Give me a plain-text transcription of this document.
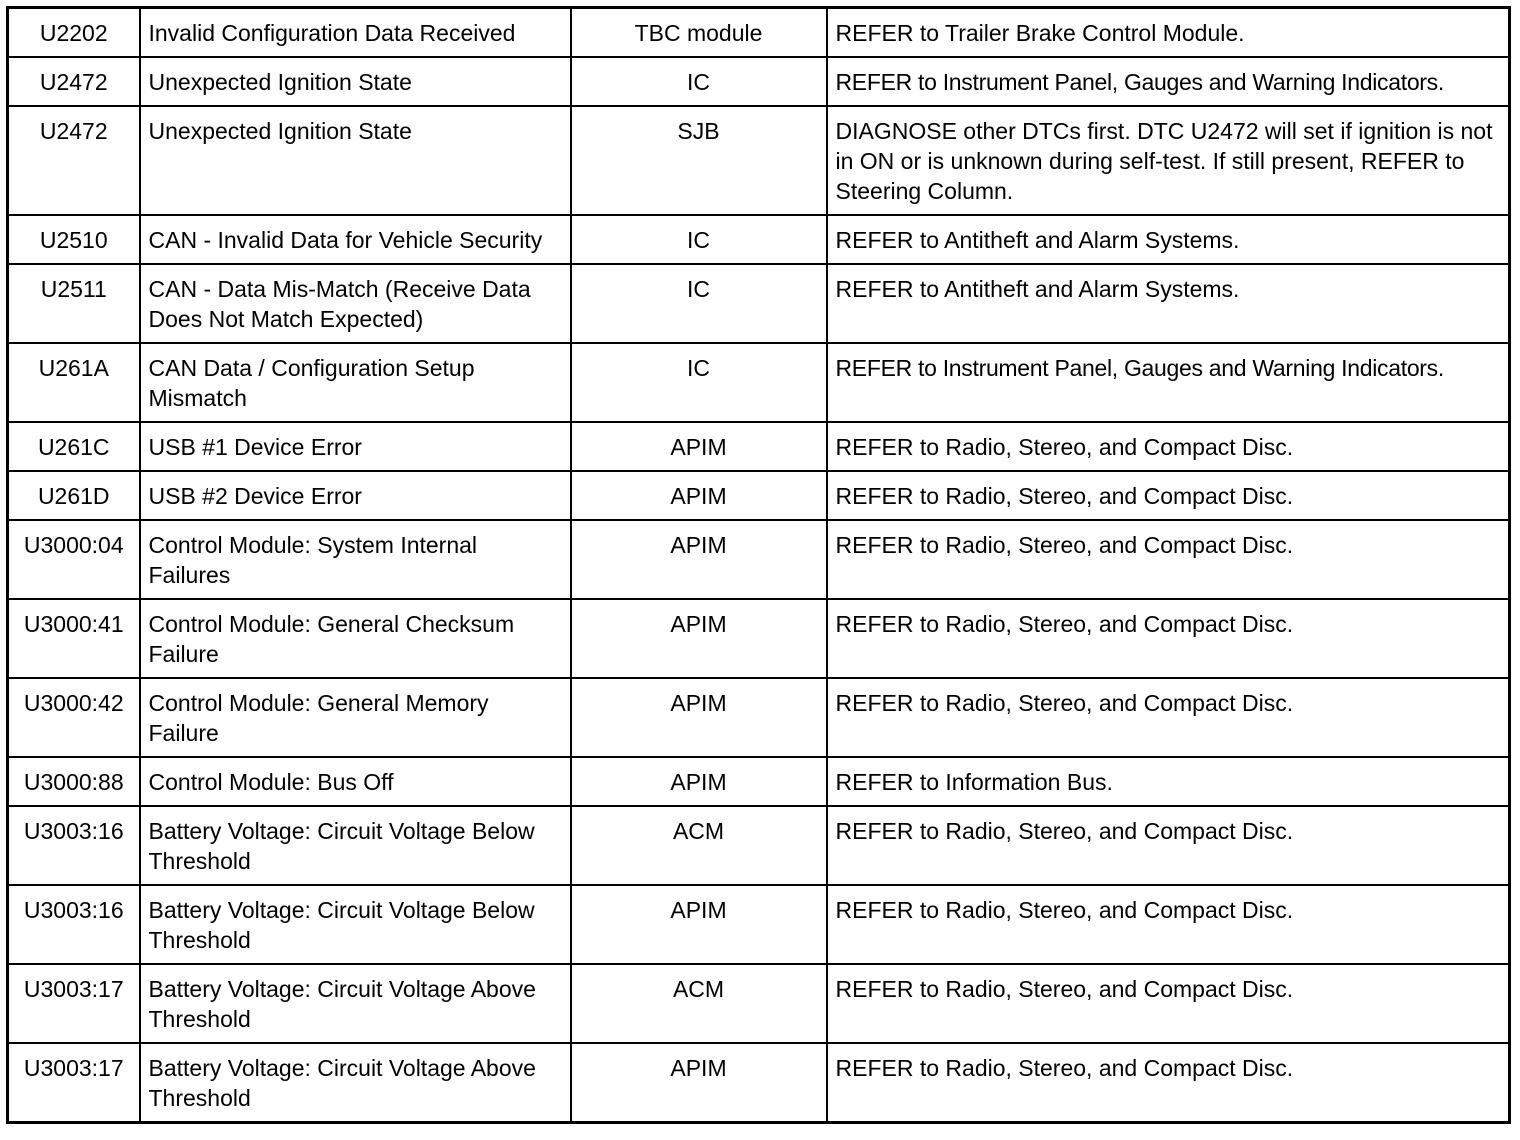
U2202	Invalid Configuration Data Received	TBC module	REFER to Trailer Brake Control Module.
U2472	Unexpected Ignition State	IC	REFER to Instrument Panel, Gauges and Warning Indicators.
U2472	Unexpected Ignition State	SJB	DIAGNOSE other DTCs first. DTC U2472 will set if ignition is not in ON or is unknown during self-test. If still present, REFER to Steering Column.
U2510	CAN - Invalid Data for Vehicle Security	IC	REFER to Antitheft and Alarm Systems.
U2511	CAN - Data Mis-Match (Receive Data Does Not Match Expected)	IC	REFER to Antitheft and Alarm Systems.
U261A	CAN Data / Configuration Setup Mismatch	IC	REFER to Instrument Panel, Gauges and Warning Indicators.
U261C	USB #1 Device Error	APIM	REFER to Radio, Stereo, and Compact Disc.
U261D	USB #2 Device Error	APIM	REFER to Radio, Stereo, and Compact Disc.
U3000:04	Control Module: System Internal Failures	APIM	REFER to Radio, Stereo, and Compact Disc.
U3000:41	Control Module: General Checksum Failure	APIM	REFER to Radio, Stereo, and Compact Disc.
U3000:42	Control Module: General Memory Failure	APIM	REFER to Radio, Stereo, and Compact Disc.
U3000:88	Control Module: Bus Off	APIM	REFER to Information Bus.
U3003:16	Battery Voltage: Circuit Voltage Below Threshold	ACM	REFER to Radio, Stereo, and Compact Disc.
U3003:16	Battery Voltage: Circuit Voltage Below Threshold	APIM	REFER to Radio, Stereo, and Compact Disc.
U3003:17	Battery Voltage: Circuit Voltage Above Threshold	ACM	REFER to Radio, Stereo, and Compact Disc.
U3003:17	Battery Voltage: Circuit Voltage Above Threshold	APIM	REFER to Radio, Stereo, and Compact Disc.
